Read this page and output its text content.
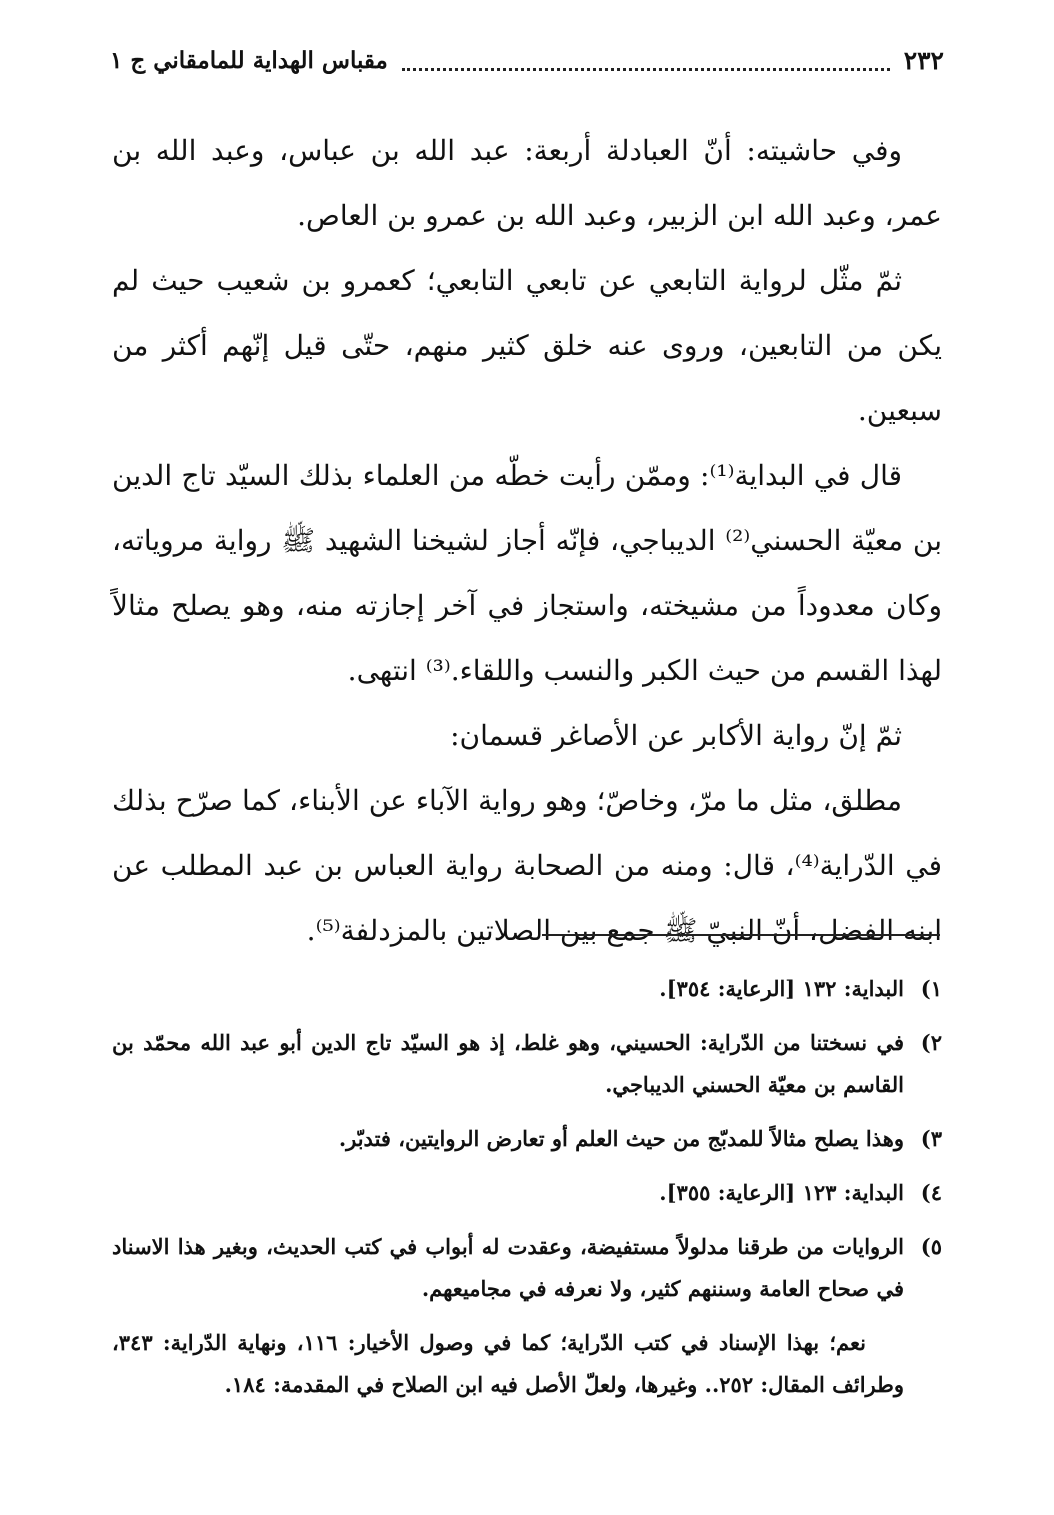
٢٣٢
مقباس الهداية للمامقاني ج ١

وفي حاشيته: أنّ العبادلة أربعة: عبد الله بن عباس، وعبد الله بن عمر، وعبد الله ابن الزبير، وعبد الله بن عمرو بن العاص.

ثمّ مثّل لرواية التابعي عن تابعي التابعي؛ كعمرو بن شعيب حيث لم يكن من التابعين، وروى عنه خلق كثير منهم، حتّى قيل إنّهم أكثر من سبعين.

قال في البداية⁽¹⁾: وممّن رأيت خطّه من العلماء بذلك السيّد تاج الدين بن معيّة الحسني⁽²⁾ الديباجي، فإنّه أجاز لشيخنا الشهيد ﷺ رواية مروياته، وكان معدوداً من مشيخته، واستجاز في آخر إجازته منه، وهو يصلح مثالاً لهذا القسم من حيث الكبر والنسب واللقاء.⁽³⁾ انتهى.

ثمّ إنّ رواية الأكابر عن الأصاغر قسمان:

مطلق، مثل ما مرّ، وخاصّ؛ وهو رواية الآباء عن الأبناء، كما صرّح بذلك في الدّراية⁽⁴⁾، قال: ومنه من الصحابة رواية العباس بن عبد المطلب عن ابنه الفضل، أنّ النبيّ ﷺ جمع بين الصلاتين بالمزدلفة⁽⁵⁾.

١)
البداية: ١٣٢ [الرعاية: ٣٥٤].
٢)
في نسختنا من الدّراية: الحسيني، وهو غلط، إذ هو السيّد تاج الدين أبو عبد الله محمّد بن القاسم بن معيّة الحسني الديباجي.
٣)
وهذا يصلح مثالاً للمدبّج من حيث العلم أو تعارض الروايتين، فتدبّر.
٤)
البداية: ١٢٣ [الرعاية: ٣٥٥].
٥)
الروايات من طرقنا مدلولاً مستفيضة، وعقدت له أبواب في كتب الحديث، وبغير هذا الاسناد في صحاح العامة وسننهم كثير، ولا نعرفه في مجاميعهم.

نعم؛ بهذا الإسناد في كتب الدّراية؛ كما في وصول الأخيار: ١١٦، ونهاية الدّراية: ٣٤٣، وطرائف المقال: ٢٥٢.. وغيرها، ولعلّ الأصل فيه ابن الصلاح في المقدمة: ١٨٤.
